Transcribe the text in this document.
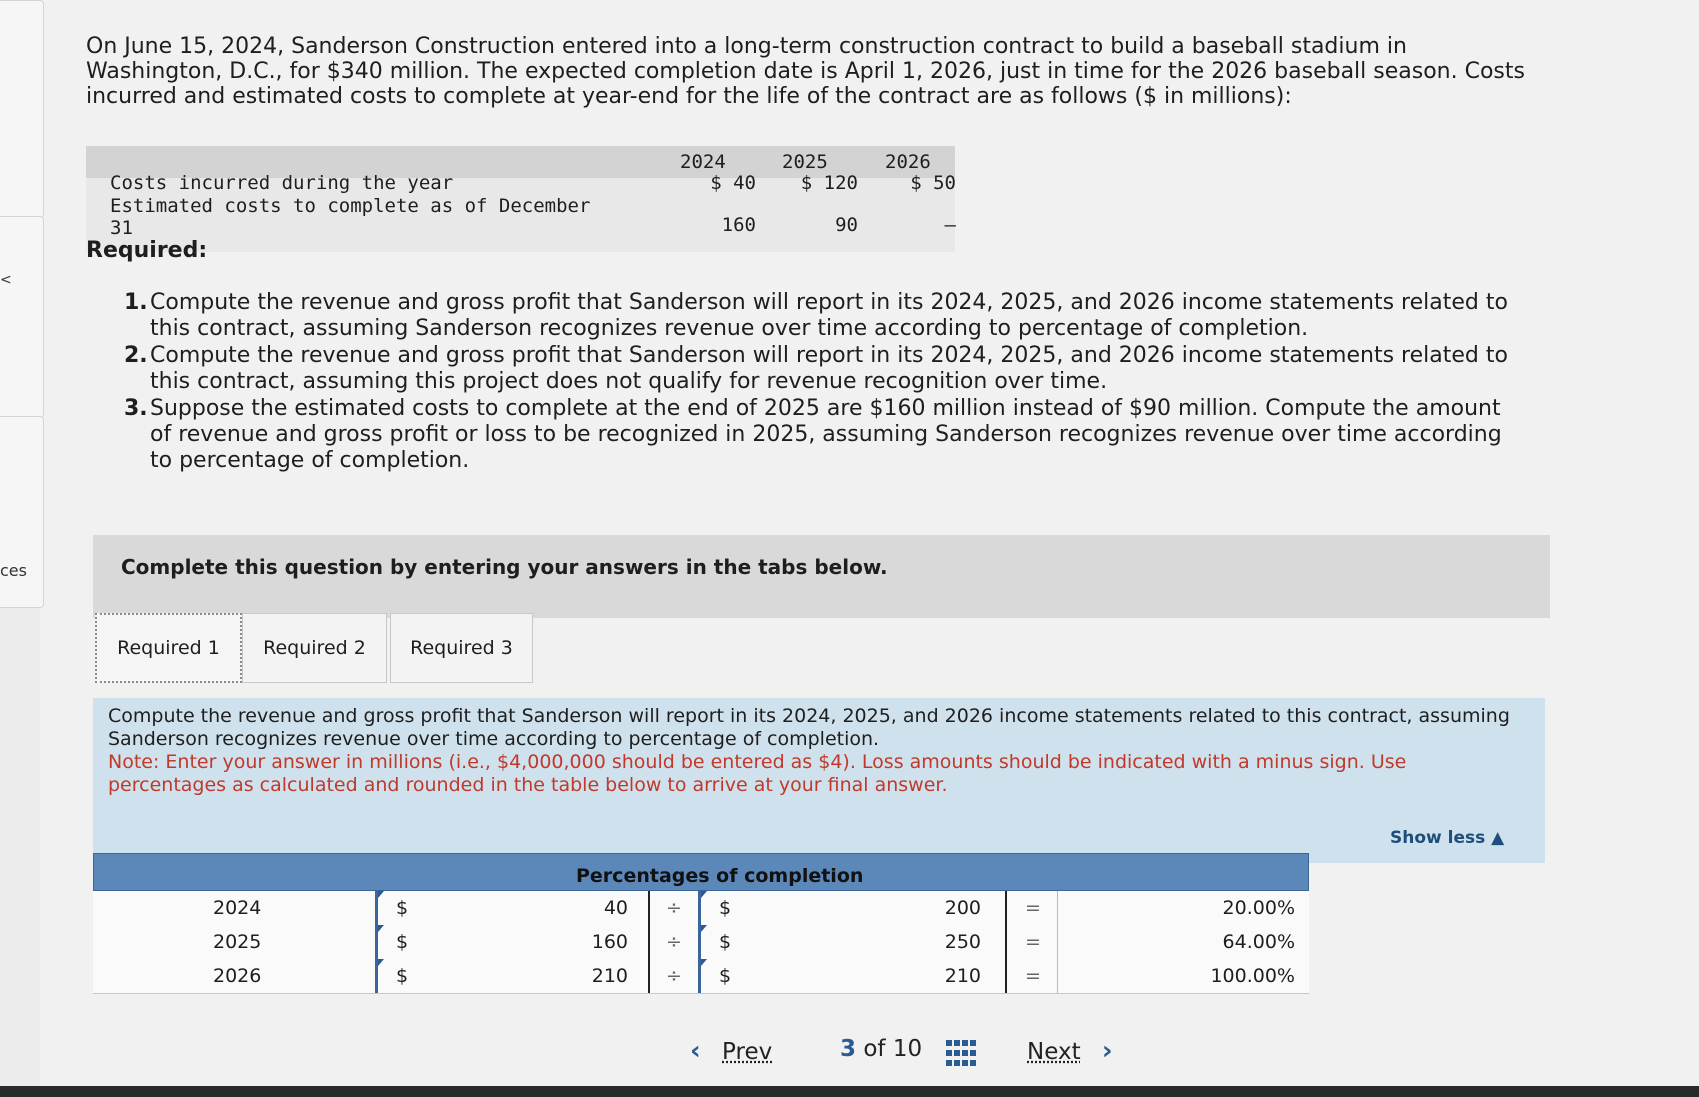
<
ces
On June 15, 2024, Sanderson Construction entered into a long-term construction contract to build a baseball stadium in Washington, D.C., for $340 million. The expected completion date is April 1, 2026, just in time for the 2026 baseball season. Costs incurred and estimated costs to complete at year-end for the life of the contract are as follows ($ in millions):
2024	2025	2026
Costs incurred during the year	$ 40	$ 120	$ 50
Estimated costs to complete as of December
31	160	90	–
Required:
1. Compute the revenue and gross profit that Sanderson will report in its 2024, 2025, and 2026 income statements related to this contract, assuming Sanderson recognizes revenue over time according to percentage of completion.
2. Compute the revenue and gross profit that Sanderson will report in its 2024, 2025, and 2026 income statements related to this contract, assuming this project does not qualify for revenue recognition over time.
3. Suppose the estimated costs to complete at the end of 2025 are $160 million instead of $90 million. Compute the amount of revenue and gross profit or loss to be recognized in 2025, assuming Sanderson recognizes revenue over time according to percentage of completion.
Complete this question by entering your answers in the tabs below.
Required 1	Required 2	Required 3
Compute the revenue and gross profit that Sanderson will report in its 2024, 2025, and 2026 income statements related to this contract, assuming Sanderson recognizes revenue over time according to percentage of completion.
Note: Enter your answer in millions (i.e., $4,000,000 should be entered as $4). Loss amounts should be indicated with a minus sign. Use percentages as calculated and rounded in the table below to arrive at your final answer.
Show less ▲
Percentages of completion
2024	$	40 ÷ $	200 =	20.00%
2025	$	160 ÷ $	250 =	64.00%
2026	$	210 ÷ $	210 =	100.00%
‹ Prev	3 of 10	Next ›
